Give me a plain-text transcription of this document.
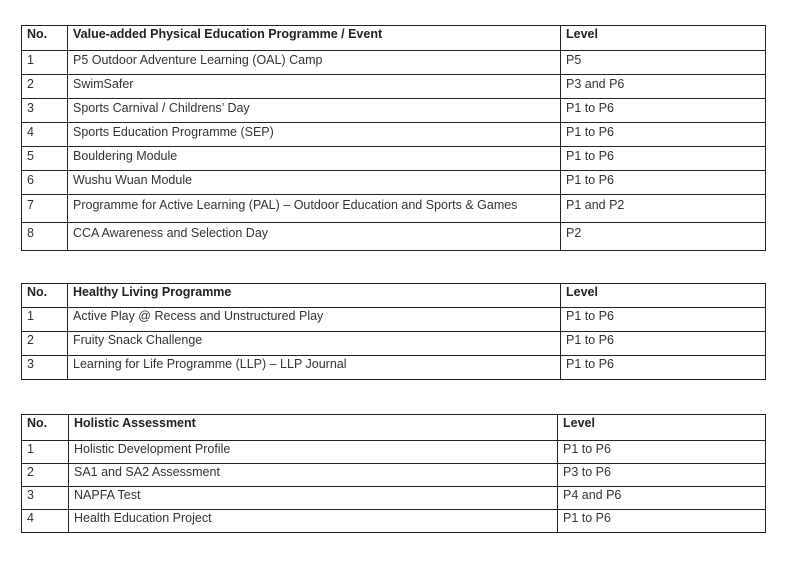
No.	Value-added Physical Education Programme / Event	Level
1	P5 Outdoor Adventure Learning (OAL) Camp	P5
2	SwimSafer	P3 and P6
3	Sports Carnival / Childrens’ Day	P1 to P6
4	Sports Education Programme (SEP)	P1 to P6
5	Bouldering Module	P1 to P6
6	Wushu Wuan Module	P1 to P6
7	Programme for Active Learning (PAL) – Outdoor Education and Sports & Games	P1 and P2
8	CCA Awareness and Selection Day	P2
No.	Healthy Living Programme	Level
1	Active Play @ Recess and Unstructured Play	P1 to P6
2	Fruity Snack Challenge	P1 to P6
3	Learning for Life Programme (LLP) – LLP Journal	P1 to P6
No.	Holistic Assessment	Level
1	Holistic Development Profile	P1 to P6
2	SA1 and SA2 Assessment	P3 to P6
3	NAPFA Test	P4 and P6
4	Health Education Project	P1 to P6
